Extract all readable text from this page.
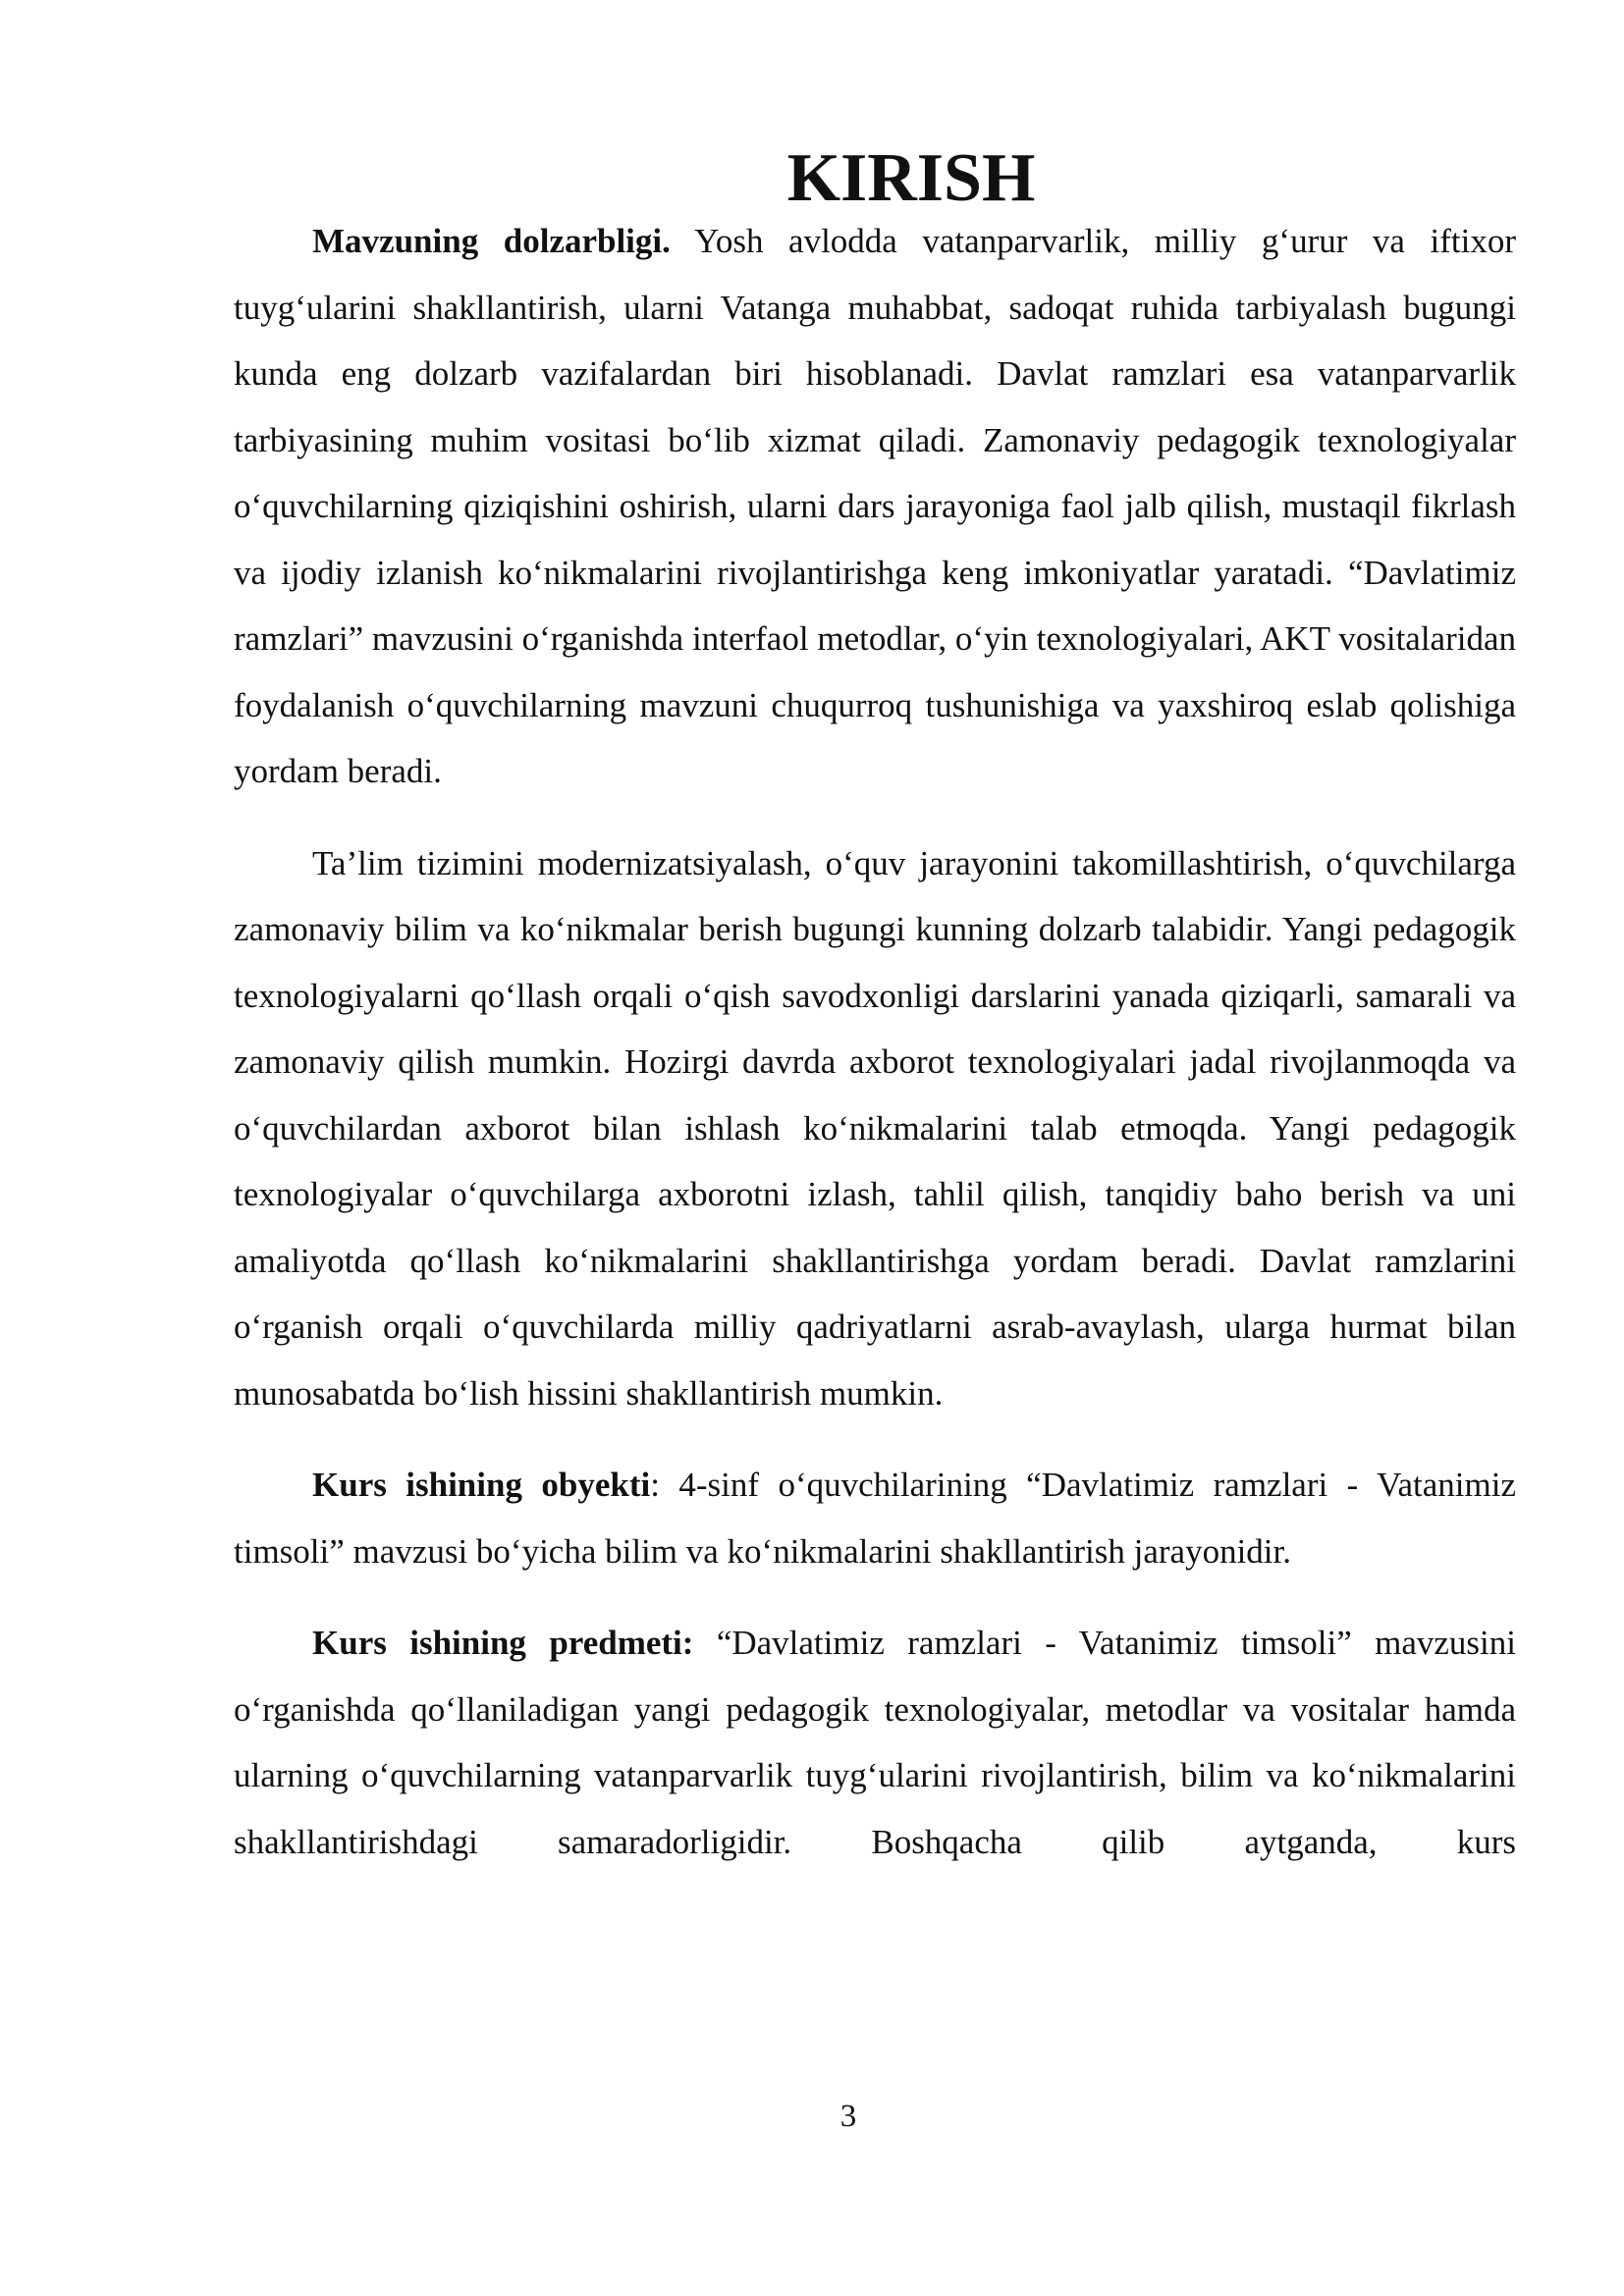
KIRISH

Mavzuning dolzarbligi. Yosh avlodda vatanparvarlik, milliy g‘urur va iftixor tuyg‘ularini shakllantirish, ularni Vatanga muhabbat, sadoqat ruhida tarbiyalash bugungi kunda eng dolzarb vazifalardan biri hisoblanadi. Davlat ramzlari esa vatanparvarlik tarbiyasining muhim vositasi bo‘lib xizmat qiladi. Zamonaviy pedagogik texnologiyalar o‘quvchilarning qiziqishini oshirish, ularni dars jarayoniga faol jalb qilish, mustaqil fikrlash va ijodiy izlanish ko‘nikmalarini rivojlantirishga keng imkoniyatlar yaratadi. “Davlatimiz ramzlari” mavzusini o‘rganishda interfaol metodlar, o‘yin texnologiyalari, AKT vositalaridan foydalanish o‘quvchilarning mavzuni chuqurroq tushunishiga va yaxshiroq eslab qolishiga yordam beradi.

Ta’lim tizimini modernizatsiyalash, o‘quv jarayonini takomillashtirish, o‘quvchilarga zamonaviy bilim va ko‘nikmalar berish bugungi kunning dolzarb talabidir. Yangi pedagogik texnologiyalarni qo‘llash orqali o‘qish savodxonligi darslarini yanada qiziqarli, samarali va zamonaviy qilish mumkin. Hozirgi davrda axborot texnologiyalari jadal rivojlanmoqda va o‘quvchilardan axborot bilan ishlash ko‘nikmalarini talab etmoqda. Yangi pedagogik texnologiyalar o‘quvchilarga axborotni izlash, tahlil qilish, tanqidiy baho berish va uni amaliyotda qo‘llash ko‘nikmalarini shakllantirishga yordam beradi. Davlat ramzlarini o‘rganish orqali o‘quvchilarda milliy qadriyatlarni asrab-avaylash, ularga hurmat bilan munosabatda bo‘lish hissini shakllantirish mumkin.

Kurs ishining obyekti: 4-sinf o‘quvchilarining “Davlatimiz ramzlari - Vatanimiz timsoli” mavzusi bo‘yicha bilim va ko‘nikmalarini shakllantirish jarayonidir.

Kurs ishining predmeti: “Davlatimiz ramzlari - Vatanimiz timsoli” mavzusini o‘rganishda qo‘llaniladigan yangi pedagogik texnologiyalar, metodlar va vositalar hamda ularning o‘quvchilarning vatanparvarlik tuyg‘ularini rivojlantirish, bilim va ko‘nikmalarini shakllantirishdagi samaradorligidir. Boshqacha qilib aytganda, kurs

3
